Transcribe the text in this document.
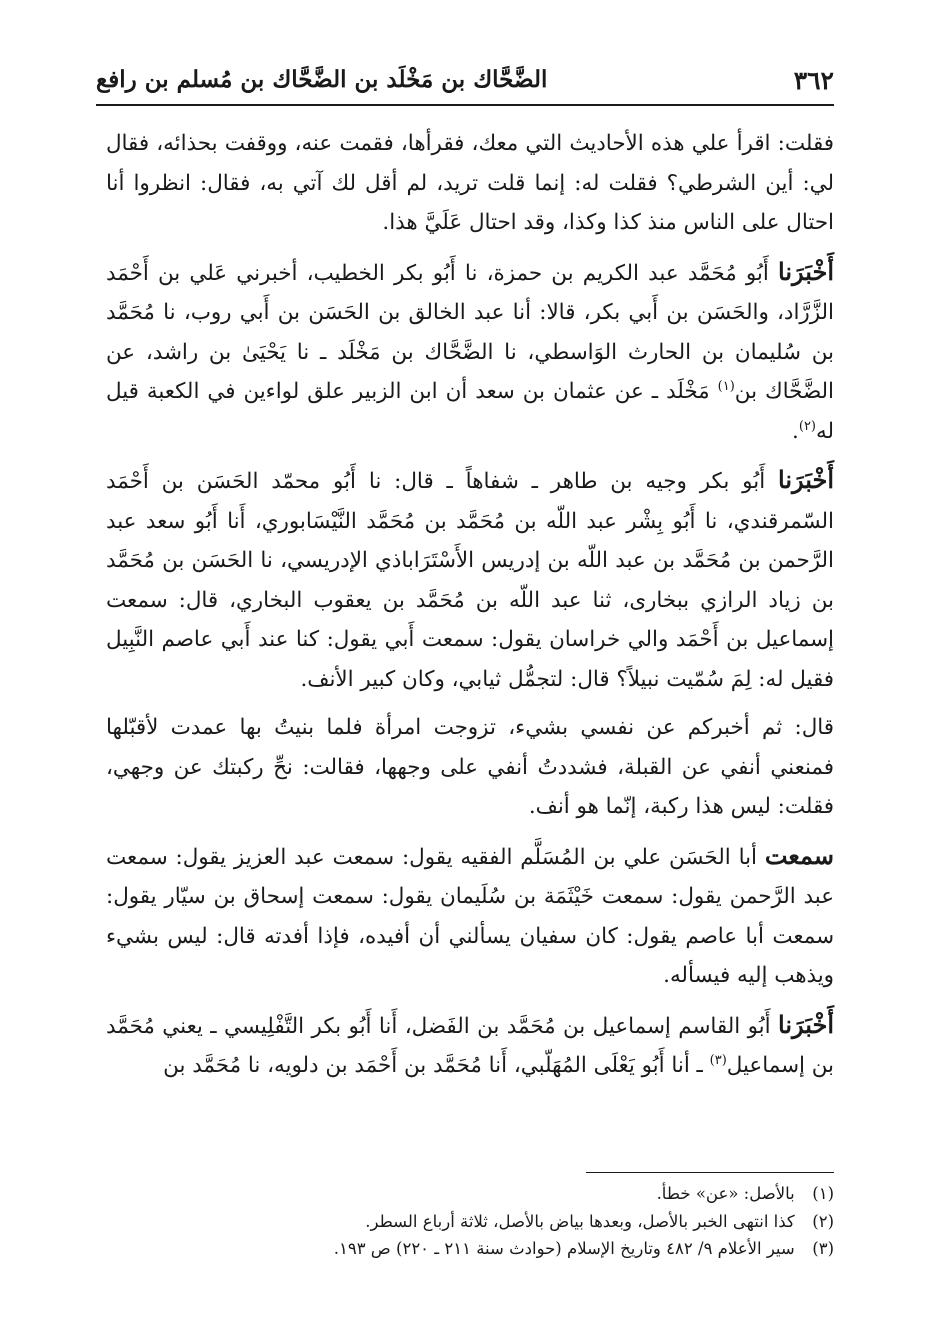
٣٦٢
الضَّحَّاك بن مَخْلَد بن الضَّحَّاك بن مُسلم بن رافع

فقلت: اقرأ علي هذه الأحاديث التي معك، فقرأها، فقمت عنه، ووقفت بحذائه، فقال لي: أين الشرطي؟ فقلت له: إنما قلت تريد، لم أقل لك آتي به، فقال: انظروا أنا احتال على الناس منذ كذا وكذا، وقد احتال عَلَيَّ هذا.

أَخْبَرَنا أَبُو مُحَمَّد عبد الكريم بن حمزة، نا أَبُو بكر الخطيب، أخبرني عَلي بن أَحْمَد الزَّرَّاد، والحَسَن بن أَبي بكر، قالا: أنا عبد الخالق بن الحَسَن بن أَبي روب، نا مُحَمَّد بن سُليمان بن الحارث الوَاسطي، نا الضَّحَّاك بن مَخْلَد ـ نا يَحْيَىٰ بن راشد، عن الضَّحَّاك بن$^{(١)}$ مَخْلَد ـ عن عثمان بن سعد أن ابن الزبير علق لواءين في الكعبة قيل له$^{(٢)}$.

أَخْبَرَنا أَبُو بكر وجيه بن طاهر ـ شفاهاً ـ قال: نا أَبُو محمّد الحَسَن بن أَحْمَد السّمرقندي، نا أَبُو بِشْر عبد اللّه بن مُحَمَّد بن مُحَمَّد النَّيْسَابوري، أَنا أَبُو سعد عبد الرَّحمن بن مُحَمَّد بن عبد اللّه بن إدريس الأَسْتَرَاباذي الإدريسي، نا الحَسَن بن مُحَمَّد بن زياد الرازي ببخارى، ثنا عبد اللّه بن مُحَمَّد بن يعقوب البخاري، قال: سمعت إسماعيل بن أَحْمَد والي خراسان يقول: سمعت أَبي يقول: كنا عند أَبي عاصم النَّبِيل فقيل له: لِمَ سُمّيت نبيلاً؟ قال: لتجمُّل ثيابي، وكان كبير الأنف.

قال: ثم أخبركم عن نفسي بشيء، تزوجت امرأة فلما بنيتُ بها عمدت لأقبّلها فمنعني أنفي عن القبلة، فشددتُ أنفي على وجهها، فقالت: نحِّ ركبتك عن وجهي، فقلت: ليس هذا ركبة، إنّما هو أنف.

سمعت أبا الحَسَن علي بن المُسَلَّم الفقيه يقول: سمعت عبد العزيز يقول: سمعت عبد الرَّحمن يقول: سمعت خَيْثَمَة بن سُلَيمان يقول: سمعت إسحاق بن سيّار يقول: سمعت أبا عاصم يقول: كان سفيان يسألني أن أفيده، فإذا أفدته قال: ليس بشيء ويذهب إليه فيسأله.

أَخْبَرَنا أَبُو القاسم إسماعيل بن مُحَمَّد بن الفَضل، أَنا أَبُو بكر التَّفْلِيسي ـ يعني مُحَمَّد بن إسماعيل$^{(٣)}$ ـ أنا أَبُو يَعْلَى المُهَلّبي، أَنا مُحَمَّد بن أَحْمَد بن دلويه، نا مُحَمَّد بن

(١) بالأصل: «عن» خطأ.

(٢) كذا انتهى الخبر بالأصل، وبعدها بياض بالأصل، ثلاثة أرباع السطر.

(٣) سير الأعلام ٩/ ٤٨٢ وتاريخ الإسلام (حوادث سنة ٢١١ ـ ٢٢٠) ص ١٩٣.
